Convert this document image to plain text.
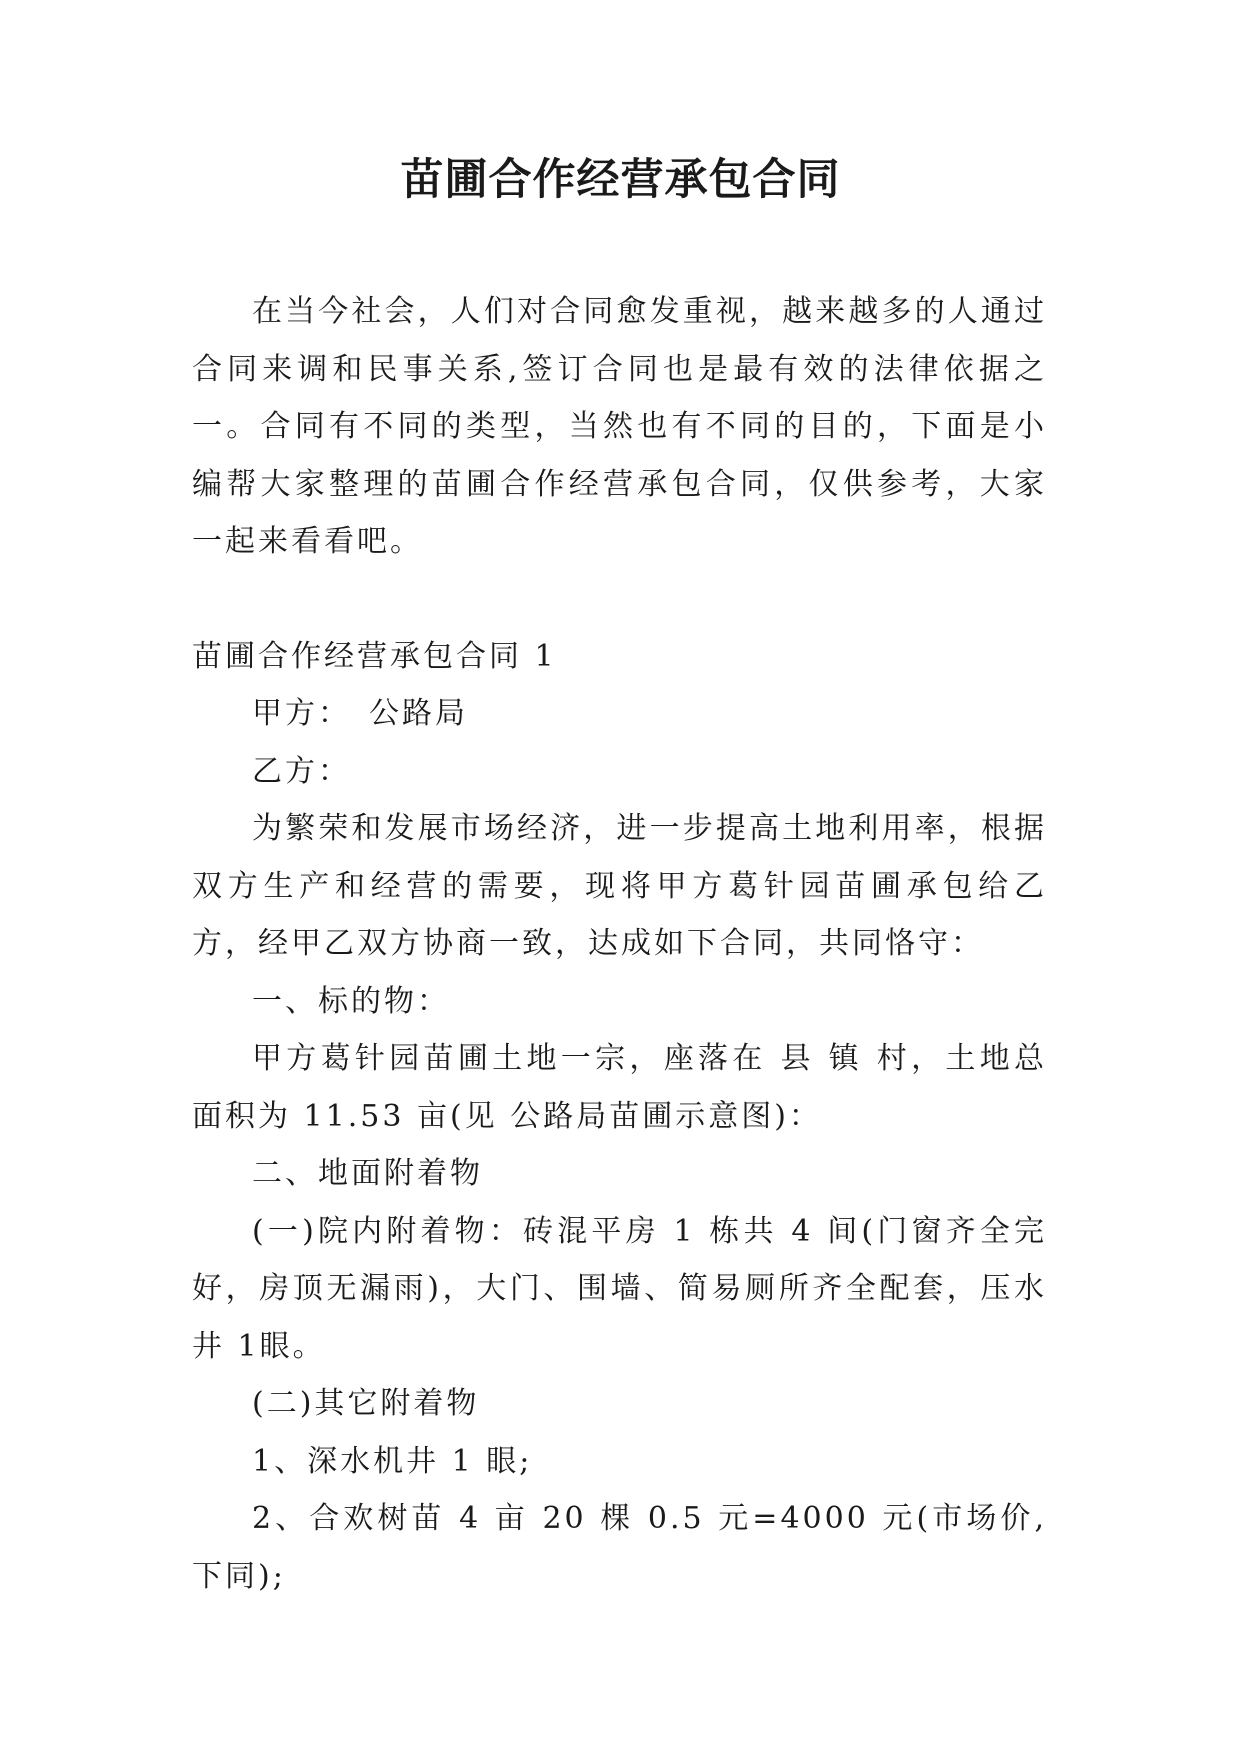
苗圃合作经营承包合同

在当今社会，人们对合同愈发重视，越来越多的人通过合同来调和民事关系,签订合同也是最有效的法律依据之一。合同有不同的类型，当然也有不同的目的，下面是小编帮大家整理的苗圃合作经营承包合同，仅供参考，大家一起来看看吧。

苗圃合作经营承包合同 1

甲方：　公路局

乙方：

为繁荣和发展市场经济，进一步提高土地利用率，根据双方生产和经营的需要，现将甲方葛针园苗圃承包给乙方，经甲乙双方协商一致，达成如下合同，共同恪守：

一、标的物：

甲方葛针园苗圃土地一宗，座落在 县 镇 村，土地总面积为 11.53 亩(见 公路局苗圃示意图)：

二、地面附着物

(一)院内附着物：砖混平房 1 栋共 4 间(门窗齐全完好，房顶无漏雨)，大门、围墙、简易厕所齐全配套，压水井 1眼。

(二)其它附着物

1、深水机井 1 眼;

2、合欢树苗 4 亩 20 棵 0.5 元=4000 元(市场价,下同);
